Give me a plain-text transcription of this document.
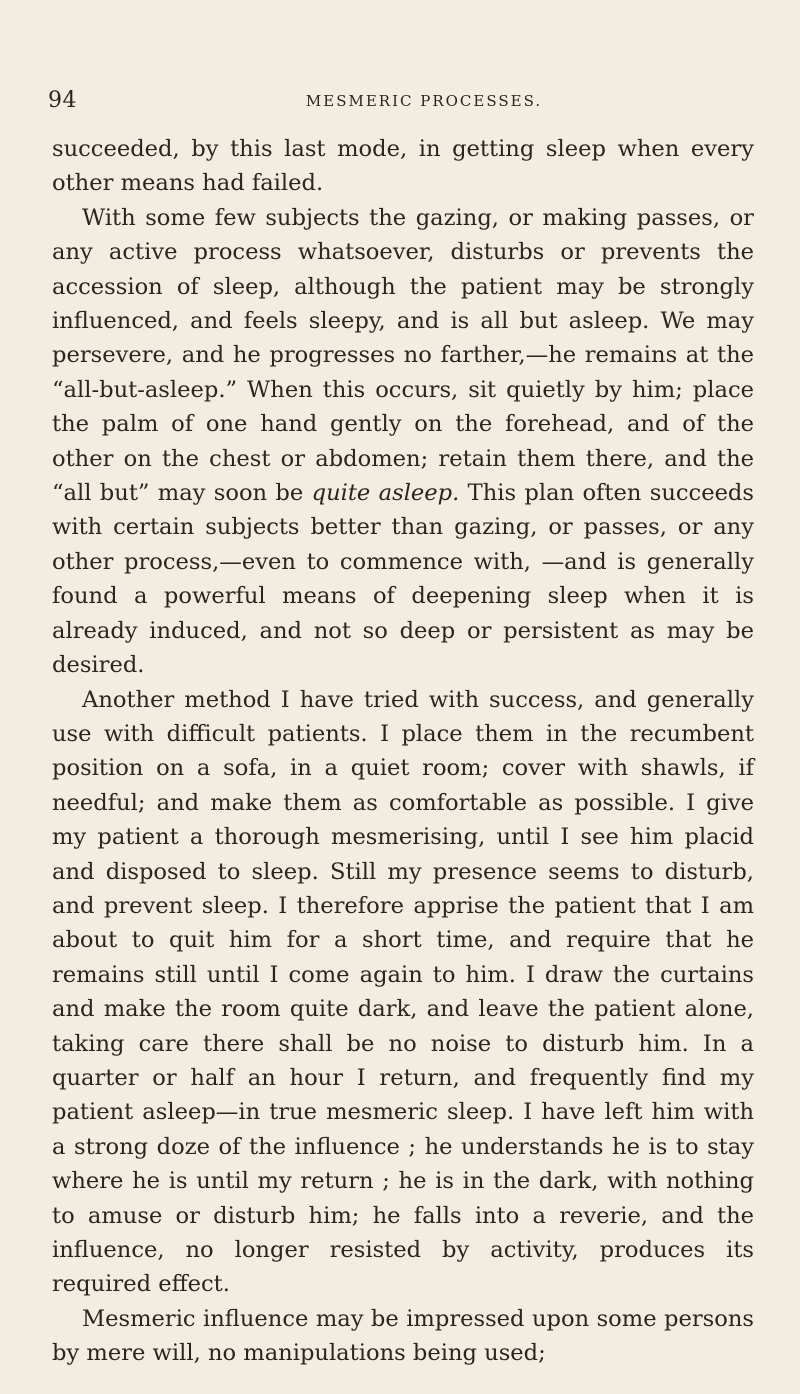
94	MESMERIC PROCESSES.

succeeded, by this last mode, in getting sleep when every other means had failed.

With some few subjects the gazing, or making passes, or any active process whatsoever, disturbs or prevents the accession of sleep, although the patient may be strongly influenced, and feels sleepy, and is all but asleep. We may persevere, and he progresses no farther,—he remains at the “all-but-asleep.” When this occurs, sit quietly by him; place the palm of one hand gently on the forehead, and of the other on the chest or abdomen; retain them there, and the “all but” may soon be quite asleep. This plan often succeeds with certain subjects better than gazing, or passes, or any other process,—even to commence with, —and is generally found a powerful means of deepening sleep when it is already induced, and not so deep or persistent as may be desired.

Another method I have tried with success, and generally use with difficult patients. I place them in the recumbent position on a sofa, in a quiet room; cover with shawls, if needful; and make them as comfortable as possible. I give my patient a thorough mesmerising, until I see him placid and disposed to sleep. Still my presence seems to disturb, and prevent sleep. I therefore apprise the patient that I am about to quit him for a short time, and require that he remains still until I come again to him. I draw the curtains and make the room quite dark, and leave the patient alone, taking care there shall be no noise to disturb him. In a quarter or half an hour I return, and frequently find my patient asleep—in true mesmeric sleep. I have left him with a strong doze of the influence ; he understands he is to stay where he is until my return ; he is in the dark, with nothing to amuse or disturb him; he falls into a reverie, and the influence, no longer resisted by activity, produces its required effect.

Mesmeric influence may be impressed upon some persons by mere will, no manipulations being used;
